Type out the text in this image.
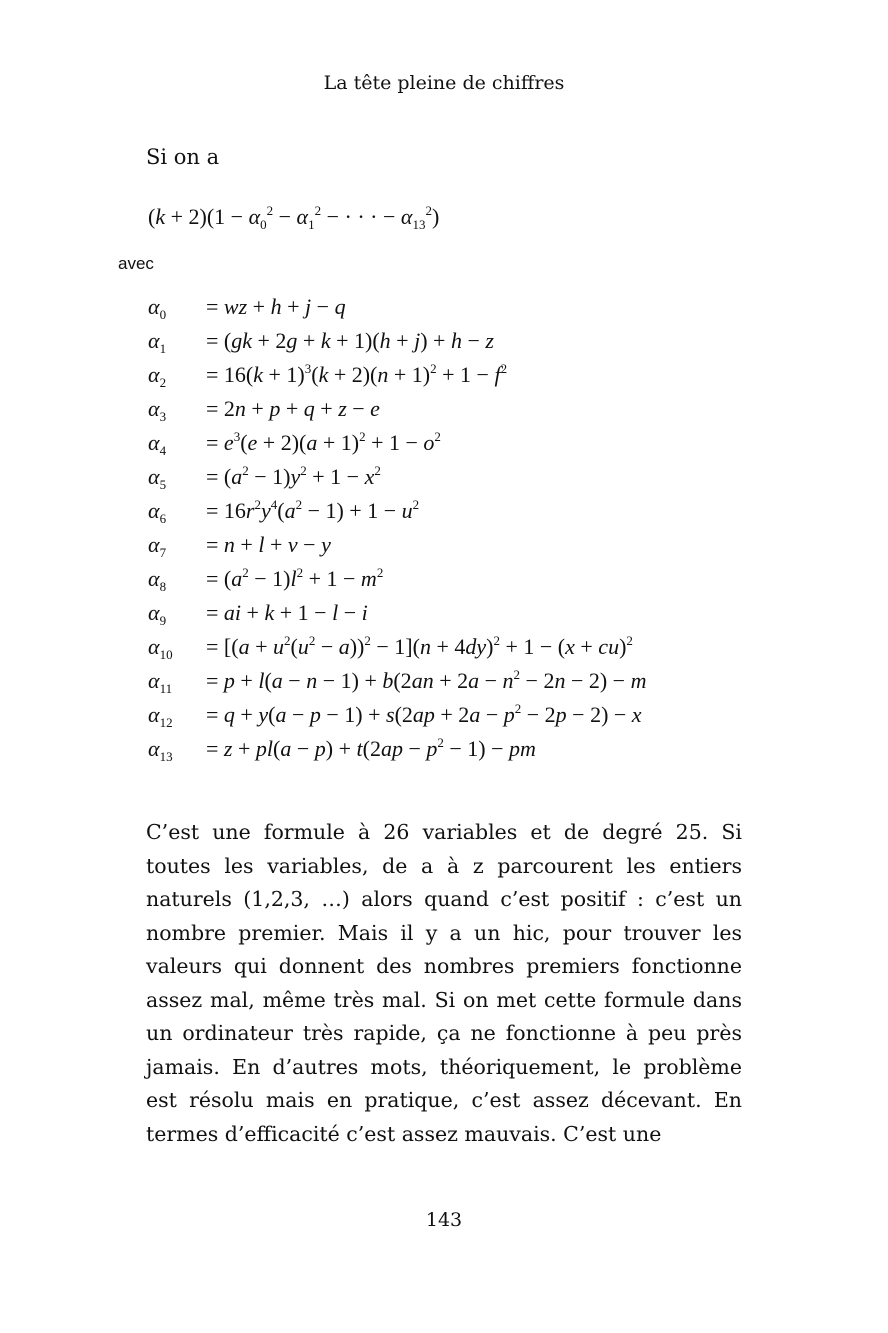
La tête pleine de chiffres
Si on a
$(k + 2)(1 - \alpha_0^2 - \alpha_1^2$ − · · · − $\alpha_{13}^2$)
avec
$\alpha_0$ = wz + h + j − q
$\alpha_1 = (gk + 2g + k + 1)(h + j) + h - z$
$\alpha_2 = 16(k + 1)^3(k + 2)(n + 1)^2 + 1 - f^2$
$\alpha_3 = 2n + p + q + z - e$
$\alpha_4 = e^3(e + 2)(a + 1)^2 + 1 - o^2$
$\alpha_5 = (a^2 - 1)y^2 + 1 - x^2$
$\alpha_6 = 16r^2y^4(a^2 - 1) + 1 - u^2$
$\alpha_7 = n + l + v - y$
$\alpha_8 = (a^2 - 1)l^2 + 1 - m^2$
$\alpha_9$ = ai + k + 1 − l − i
$\alpha_{10} = [(a + u^2(u^2 - a))^2 - 1](n + 4dy)^2 + 1 - (x + cu)^2$
$\alpha_{11} = p + l(a - n - 1) + b(2an + 2a - n^2 - 2n - 2) - m$
$\alpha_{12} = q + y(a - p - 1) + s(2ap + 2a - p^2 - 2p - 2) - x$
$\alpha_{13} = z + pl(a - p) + t(2ap - p^2 - 1)$ − pm

C’est une formule à 26 variables et de degré 25. Si toutes les variables, de a à z parcourent les entiers naturels (1,2,3, …) alors quand c’est positif : c’est un nombre premier. Mais il y a un hic, pour trouver les valeurs qui donnent des nombres premiers fonctionne assez mal, même très mal. Si on met cette formule dans un ordinateur très rapide, ça ne fonctionne à peu près jamais. En d’autres mots, théoriquement, le problème est résolu mais en pratique, c’est assez décevant. En termes d’efficacité c’est assez mauvais. C’est une

143
